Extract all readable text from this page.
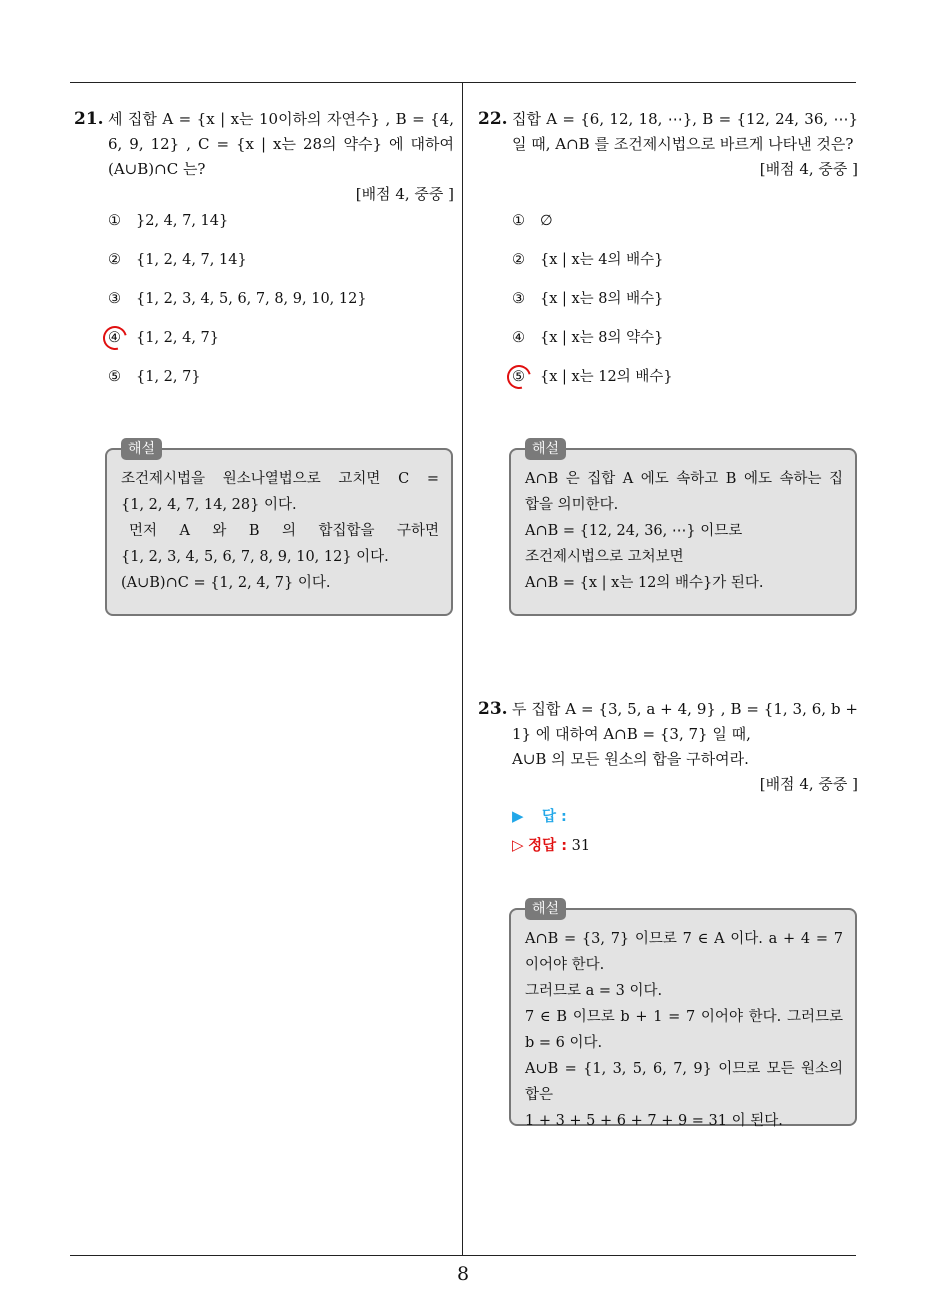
21. 세 집합 A = {x | x는 10이하의 자연수} , B = {4, 6, 9, 12} , C = {x | x는 28의 약수} 에 대하여 (A∪B)∩C 는?
[배점 4, 중중 ]
① }2, 4, 7, 14}
② {1, 2, 4, 7, 14}
③ {1, 2, 3, 4, 5, 6, 7, 8, 9, 10, 12}
④ {1, 2, 4, 7}
⑤ {1, 2, 7}
해설

조건제시법을 원소나열법으로 고치면 C =

{1, 2, 4, 7, 14, 28} 이다.

먼저 A 와 B 의 합집합을 구하면

{1, 2, 3, 4, 5, 6, 7, 8, 9, 10, 12} 이다.

(A∪B)∩C = {1, 2, 4, 7} 이다.

22. 집합 A = {6, 12, 18, ⋯}, B = {12, 24, 36, ⋯} 일 때, A∩B 를 조건제시법으로 바르게 나타낸 것은?
[배점 4, 중중 ]
① ∅
② {x | x는 4의 배수}
③ {x | x는 8의 배수}
④ {x | x는 8의 약수}
⑤ {x | x는 12의 배수}
해설

A∩B 은 집합 A 에도 속하고 B 에도 속하는 집

합을 의미한다.

A∩B = {12, 24, 36, ⋯} 이므로

조건제시법으로 고처보면

A∩B = {x | x는 12의 배수}가 된다.

23. 두 집합 A = {3, 5, a + 4, 9} , B = {1, 3, 6, b + 1} 에 대하여 A∩B = {3, 7} 일 때,
A∪B 의 모든 원소의 합을 구하여라.
[배점 4, 중중 ]
▶ 답 :
▷ 정답 : 31
해설

A∩B = {3, 7} 이므로 7 ∈ A 이다. a + 4 = 7

이어야 한다.

그러므로 a = 3 이다.

7 ∈ B 이므로 b + 1 = 7 이어야 한다. 그러므로

b = 6 이다.

A∪B = {1, 3, 5, 6, 7, 9} 이므로 모든 원소의 합은

1 + 3 + 5 + 6 + 7 + 9 = 31 이 된다.

8
